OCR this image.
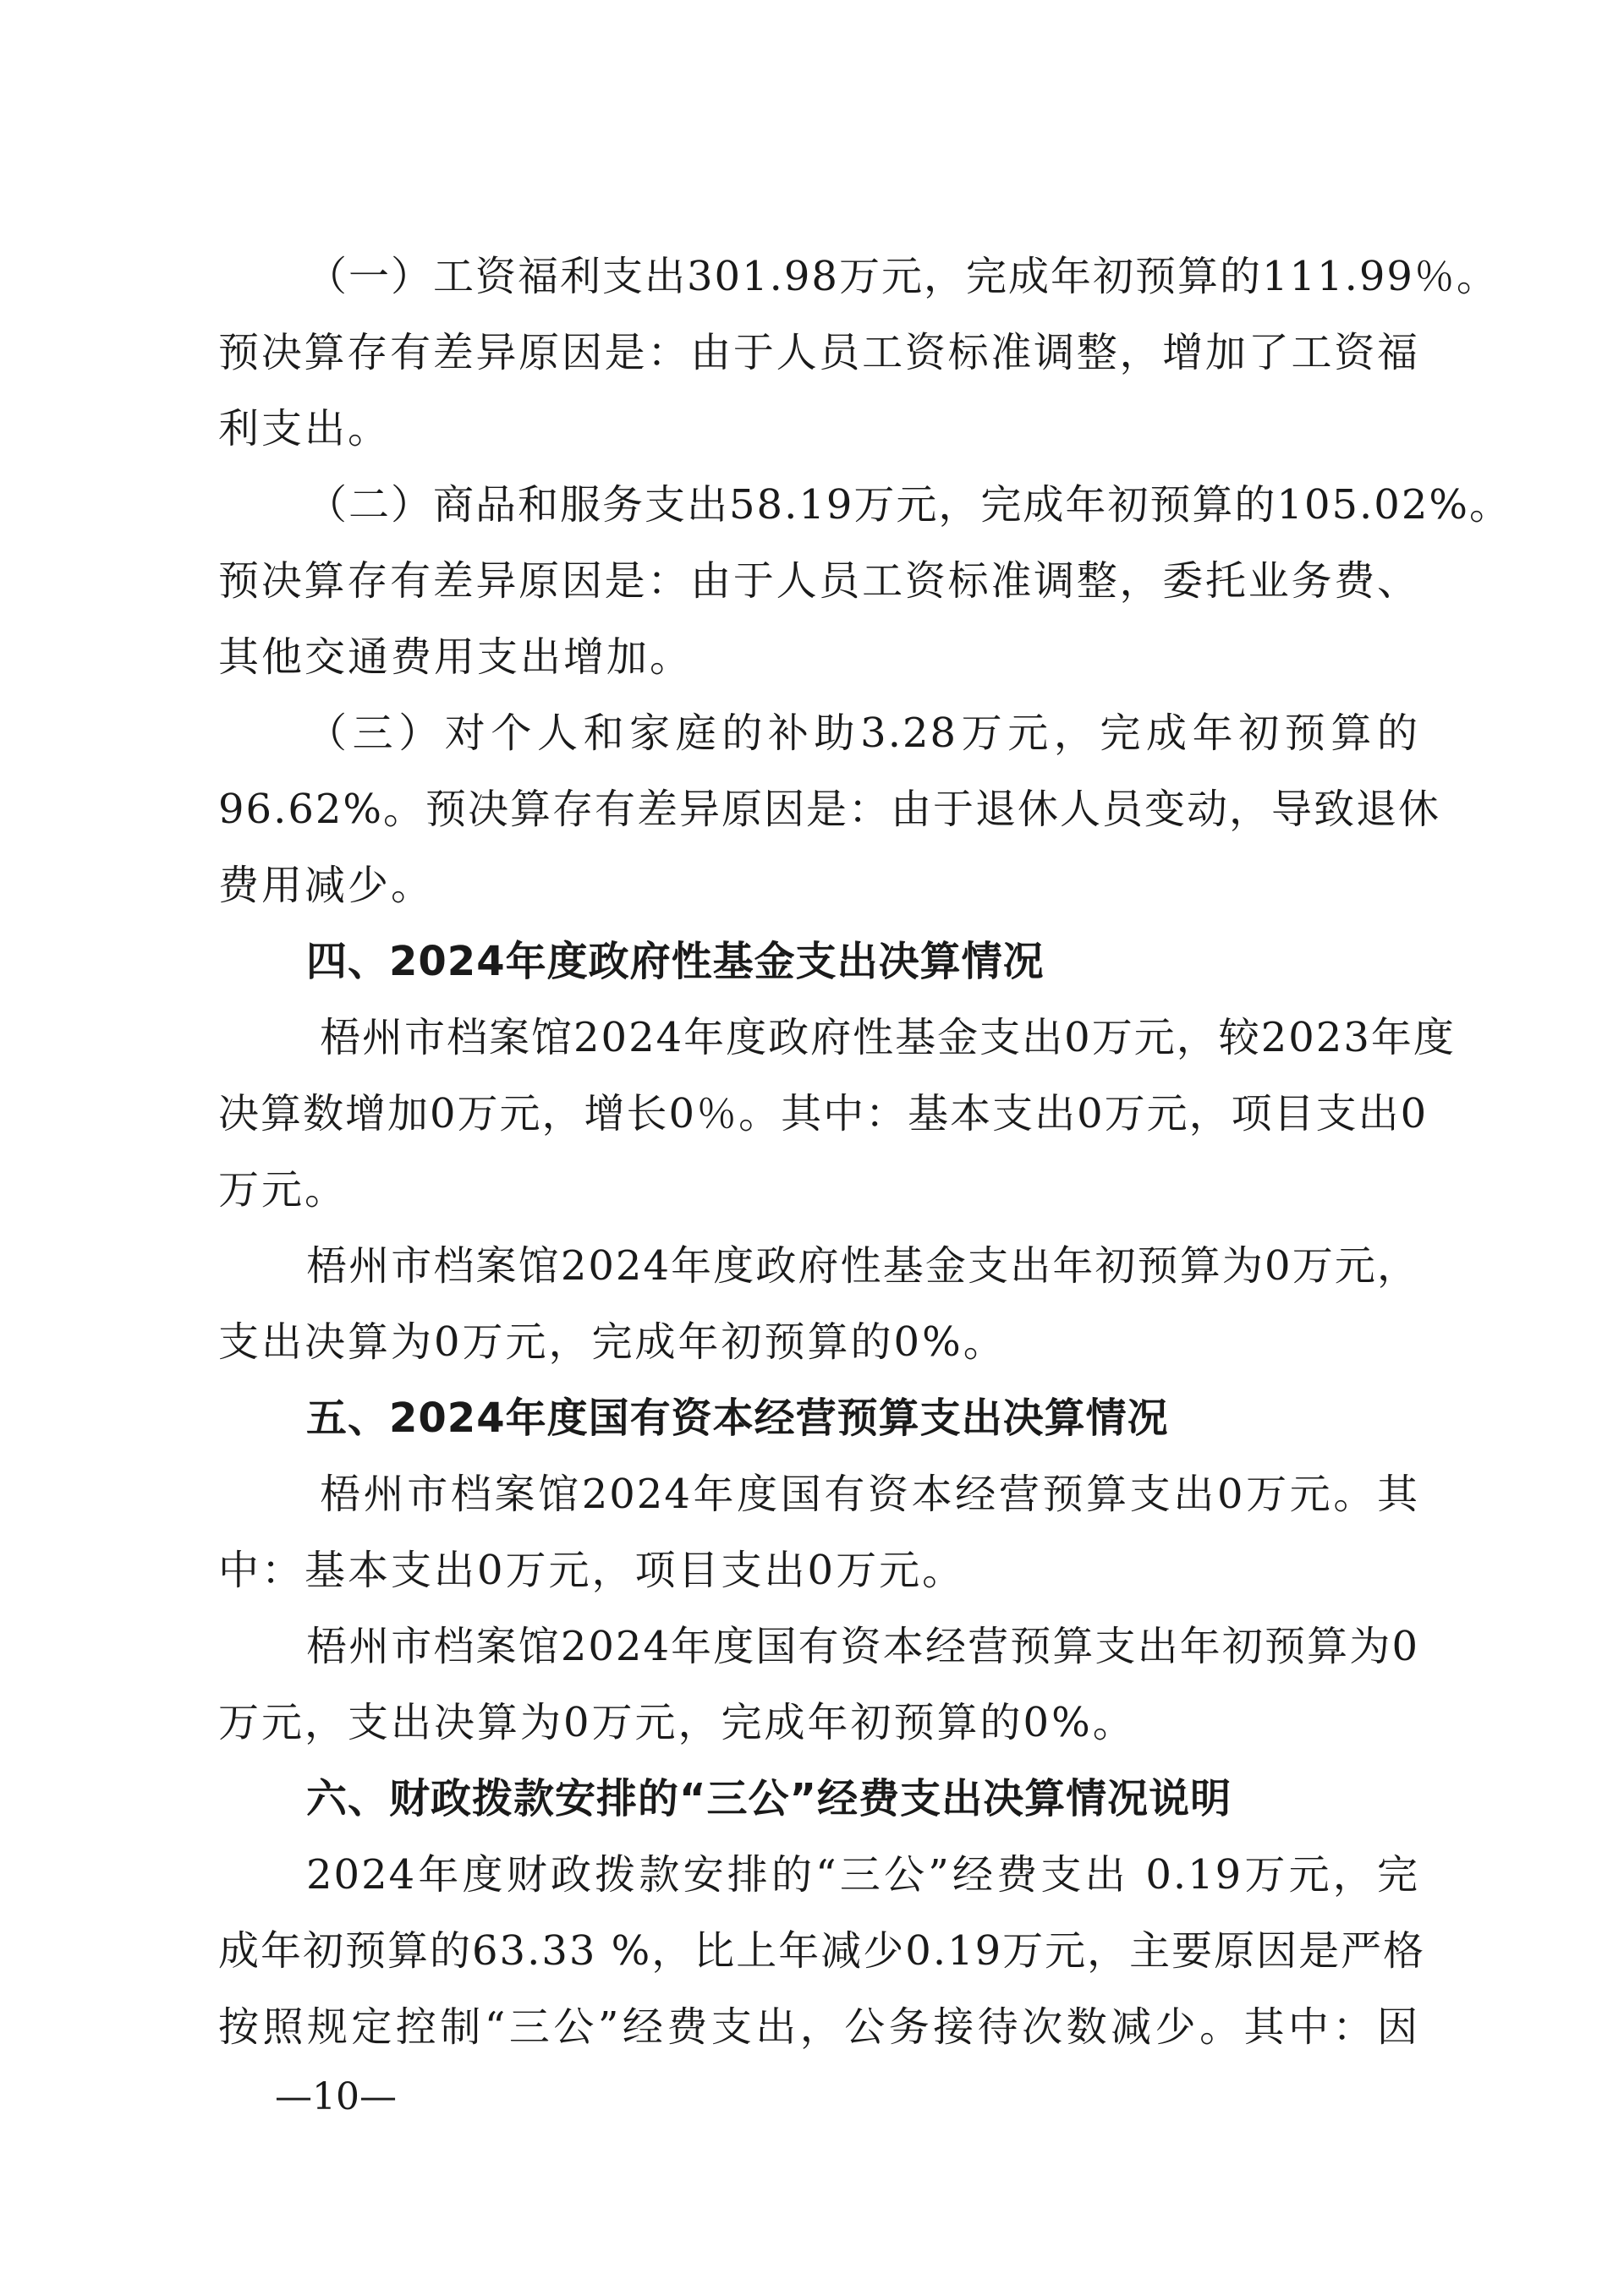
（一）工资福利支出301.98万元，完成年初预算的111.99％。
预决算存有差异原因是：由于人员工资标准调整，增加了工资福
利支出。
（二）商品和服务支出58.19万元，完成年初预算的105.02%。
预决算存有差异原因是：由于人员工资标准调整，委托业务费、
其他交通费用支出增加。
（三）对个人和家庭的补助3.28万元，完成年初预算的
96.62%。预决算存有差异原因是：由于退休人员变动，导致退休
费用减少。
四、2024年度政府性基金支出决算情况
梧州市档案馆2024年度政府性基金支出0万元，较2023年度
决算数增加0万元，增长0％。其中：基本支出0万元，项目支出0
万元。
梧州市档案馆2024年度政府性基金支出年初预算为0万元，
支出决算为0万元，完成年初预算的0%。
五、2024年度国有资本经营预算支出决算情况
梧州市档案馆2024年度国有资本经营预算支出0万元。其
中：基本支出0万元，项目支出0万元。
梧州市档案馆2024年度国有资本经营预算支出年初预算为0
万元，支出决算为0万元，完成年初预算的0%。
六、财政拨款安排的“三公”经费支出决算情况说明
2024年度财政拨款安排的“三公”经费支出 0.19万元，完
成年初预算的63.33 %，比上年减少0.19万元，主要原因是严格
按照规定控制“三公”经费支出，公务接待次数减少。其中：因
—10—
